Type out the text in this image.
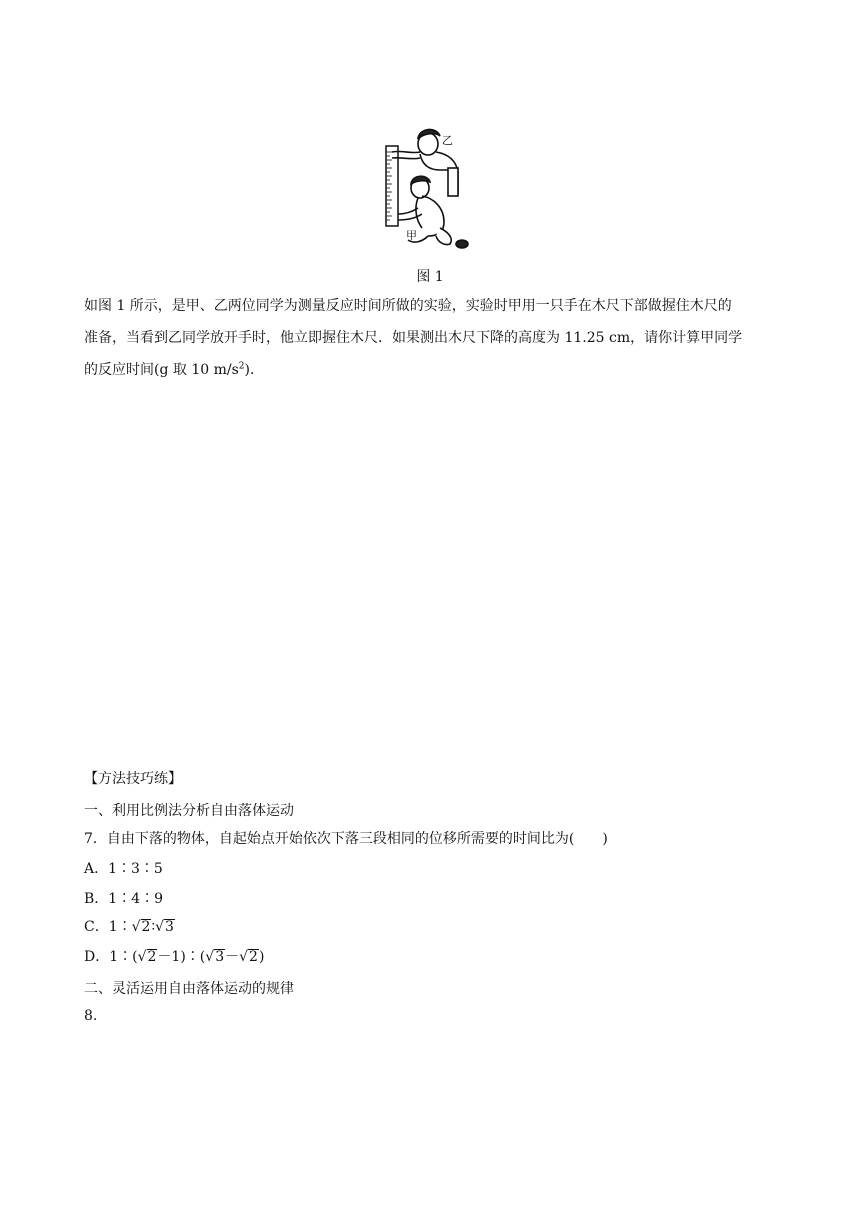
乙
甲
图 1
如图 1 所示，是甲、乙两位同学为测量反应时间所做的实验，实验时甲用一只手在木尺下部做握住木尺的
准备，当看到乙同学放开手时，他立即握住木尺．如果测出木尺下降的高度为 11.25 cm，请你计算甲同学
的反应时间(g 取 10 $m/s^2$)．
【方法技巧练】
一、利用比例法分析自由落体运动
7．自由下落的物体，自起始点开始依次下落三段相同的位移所需要的时间比为(　　)
A．1∶3∶5
B．1∶4∶9
C．1∶ √ 2 ∶ √ 3
D．1∶( √ 2 －1)∶( √ 3 － √ 2 )
二、灵活运用自由落体运动的规律
8.
